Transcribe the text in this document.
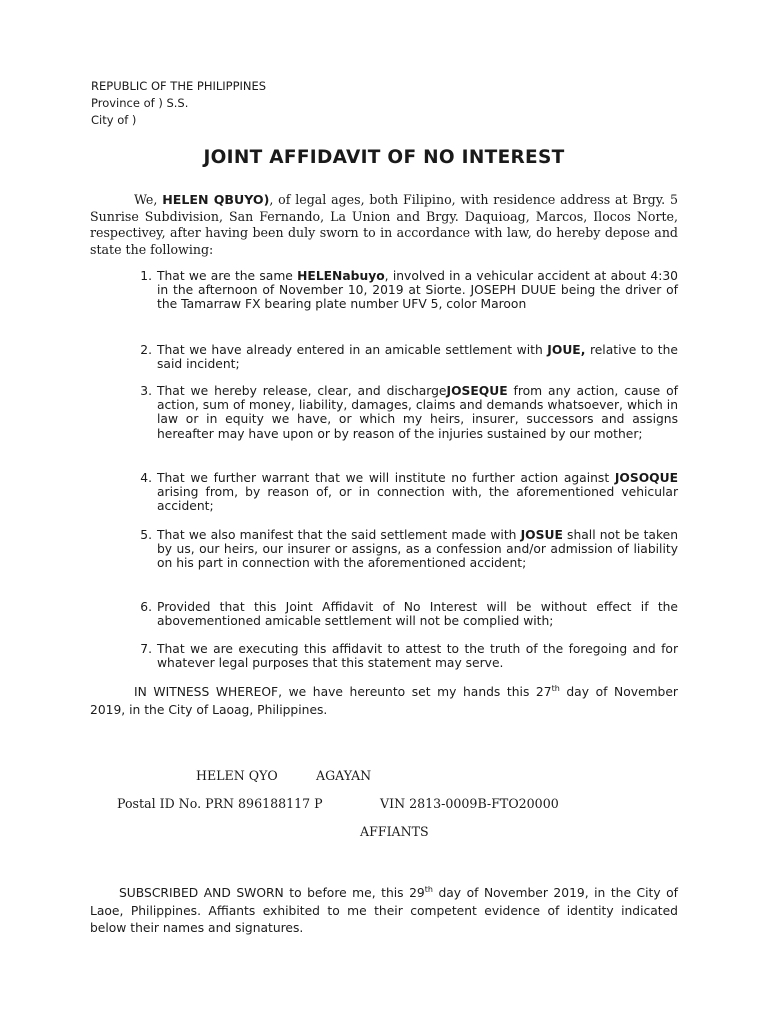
REPUBLIC OF THE PHILIPPINES
Province of ) S.S.
City of )
JOINT AFFIDAVIT OF NO INTEREST
We, HELEN QBUYO), of legal ages, both Filipino, with residence address at Brgy. 5 Sunrise Subdivision, San Fernando, La Union and Brgy. Daquioag, Marcos, Ilocos Norte, respectivey, after having been duly sworn to in accordance with law, do hereby depose and state the following:
1. That we are the same HELENabuyo, involved in a vehicular accident at about 4:30 in the afternoon of November 10, 2019 at Siorte. JOSEPH DUUE being the driver of the Tamarraw FX bearing plate number UFV 5, color Maroon
2. That we have already entered in an amicable settlement with JOUE, relative to the said incident;
3. That we hereby release, clear, and dischargeJOSEQUE from any action, cause of action, sum of money, liability, damages, claims and demands whatsoever, which in law or in equity we have, or which my heirs, insurer, successors and assigns hereafter may have upon or by reason of the injuries sustained by our mother;
4. That we further warrant that we will institute no further action against JOSOQUE arising from, by reason of, or in connection with, the aforementioned vehicular accident;
5. That we also manifest that the said settlement made with JOSUE shall not be taken by us, our heirs, our insurer or assigns, as a confession and/or admission of liability on his part in connection with the aforementioned accident;
6. Provided that this Joint Affidavit of No Interest will be without effect if the abovementioned amicable settlement will not be complied with;
7. That we are executing this affidavit to attest to the truth of the foregoing and for whatever legal purposes that this statement may serve.
IN WITNESS WHEREOF, we have hereunto set my hands this 27th day of November 2019, in the City of Laoag, Philippines.
HELEN QYO	AGAYAN
Postal ID No. PRN 896188117 P	VIN 2813-0009B-FTO20000
AFFIANTS
SUBSCRIBED AND SWORN to before me, this 29th day of November 2019, in the City of Laoe, Philippines. Affiants exhibited to me their competent evidence of identity indicated below their names and signatures.
